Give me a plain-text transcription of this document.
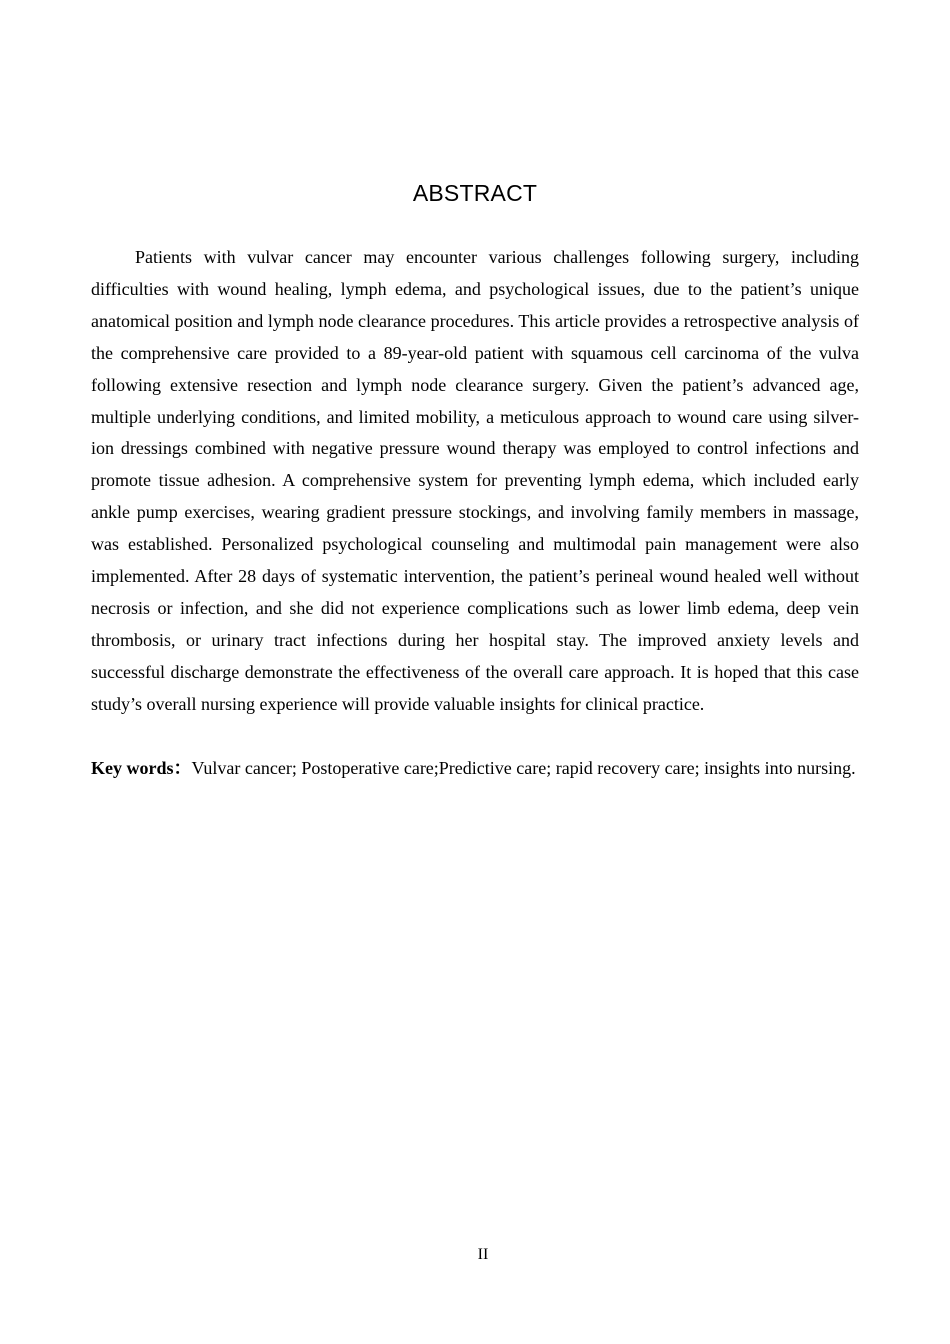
ABSTRACT

Patients with vulvar cancer may encounter various challenges following surgery, including difficulties with wound healing, lymph edema, and psychological issues, due to the patient’s unique anatomical position and lymph node clearance procedures. This article provides a retrospective analysis of the comprehensive care provided to a 89-year-old patient with squamous cell carcinoma of the vulva following extensive resection and lymph node clearance surgery. Given the patient’s advanced age, multiple underlying conditions, and limited mobility, a meticulous approach to wound care using silver-ion dressings combined with negative pressure wound therapy was employed to control infections and promote tissue adhesion. A comprehensive system for preventing lymph edema, which included early ankle pump exercises, wearing gradient pressure stockings, and involving family members in massage, was established. Personalized psychological counseling and multimodal pain management were also implemented. After 28 days of systematic intervention, the patient’s perineal wound healed well without necrosis or infection, and she did not experience complications such as lower limb edema, deep vein thrombosis, or urinary tract infections during her hospital stay. The improved anxiety levels and successful discharge demonstrate the effectiveness of the overall care approach. It is hoped that this case study’s overall nursing experience will provide valuable insights for clinical practice.

Key words：Vulvar cancer; Postoperative care;Predictive care; rapid recovery care; insights into nursing.

II
